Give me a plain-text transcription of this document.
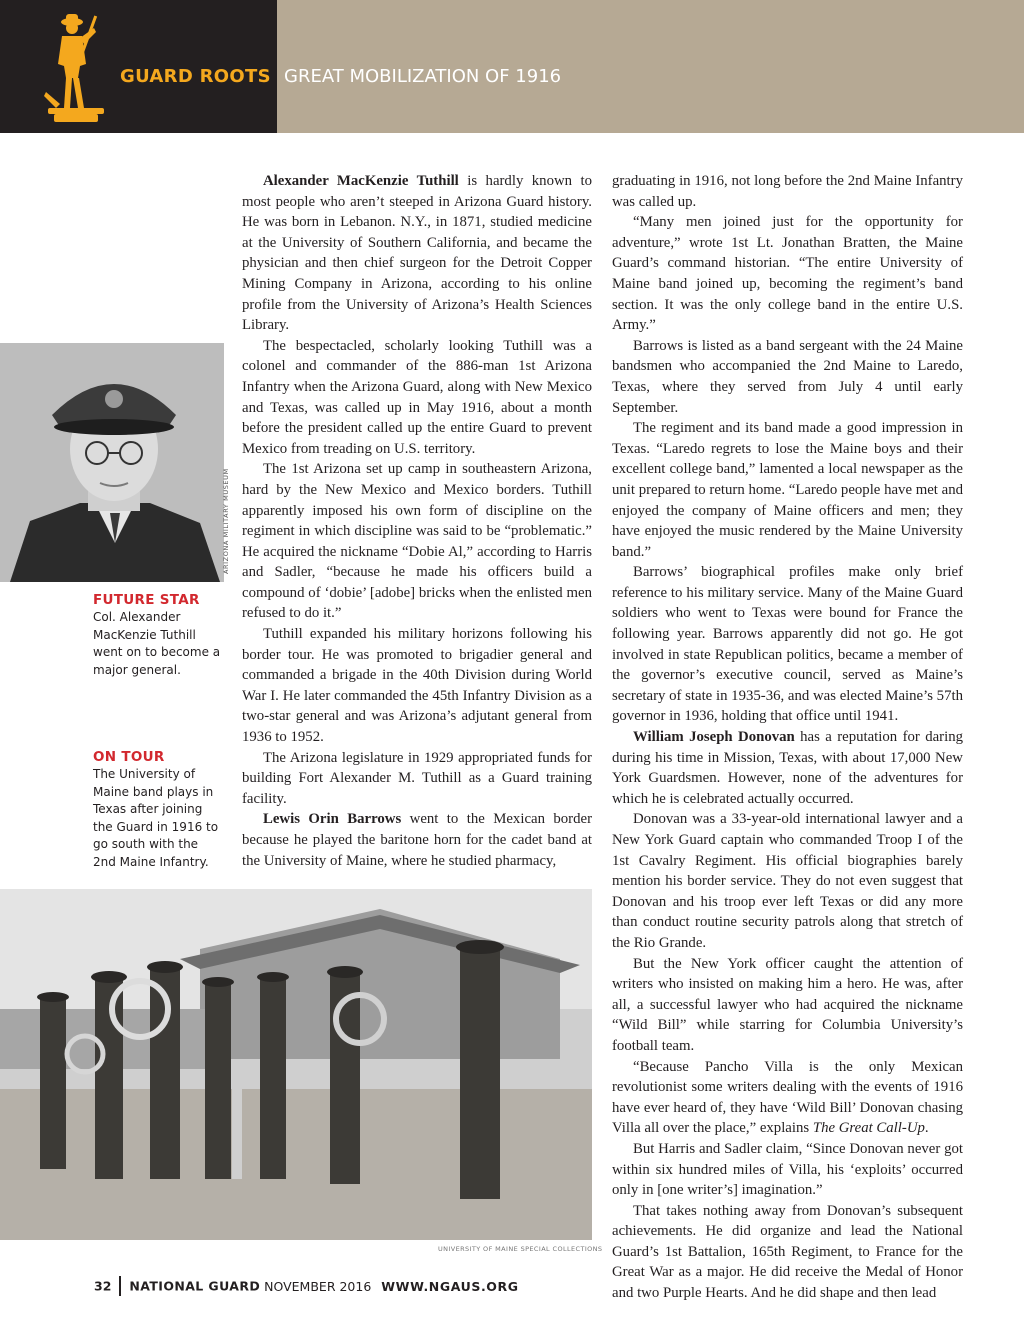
GUARD ROOTS GREAT MOBILIZATION OF 1916
ARIZONA MILITARY MUSEUM
FUTURE STAR
Col. Alexander MacKenzie Tuthill went on to become a major general.
ON TOUR
The University of Maine band plays in Texas after joining the Guard in 1916 to go south with the 2nd Maine Infantry.

Alexander MacKenzie Tuthill is hardly known to most people who aren’t steeped in Arizona Guard history. He was born in Lebanon. N.Y., in 1871, studied medicine at the University of Southern California, and became the physician and then chief surgeon for the Detroit Copper Mining Company in Arizona, according to his online profile from the University of Arizona’s Health Sciences Library.

The bespectacled, scholarly looking Tuthill was a colonel and commander of the 886-man 1st Arizona Infantry when the Arizona Guard, along with New Mexico and Texas, was called up in May 1916, about a month before the president called up the entire Guard to prevent Mexico from treading on U.S. territory.

The 1st Arizona set up camp in southeastern Arizona, hard by the New Mexico and Mexico borders. Tuthill apparently imposed his own form of discipline on the regiment in which discipline was said to be “problematic.” He acquired the nickname “Dobie Al,” according to Harris and Sadler, “because he made his officers build a compound of ‘dobie’ [adobe] bricks when the enlisted men refused to do it.”

Tuthill expanded his military horizons following his border tour. He was promoted to brigadier general and commanded a brigade in the 40th Division during World War I. He later commanded the 45th Infantry Division as a two-star general and was Arizona’s adjutant general from 1936 to 1952.

The Arizona legislature in 1929 appropriated funds for building Fort Alexander M. Tuthill as a Guard training facility.

Lewis Orin Barrows went to the Mexican border because he played the baritone horn for the cadet band at the University of Maine, where he studied pharmacy,

UNIVERSITY OF MAINE SPECIAL COLLECTIONS

graduating in 1916, not long before the 2nd Maine Infantry was called up.

“Many men joined just for the opportunity for adventure,” wrote 1st Lt. Jonathan Bratten, the Maine Guard’s command historian. “The entire University of Maine band joined up, becoming the regiment’s band section. It was the only college band in the entire U.S. Army.”

Barrows is listed as a band sergeant with the 24 Maine bandsmen who accompanied the 2nd Maine to Laredo, Texas, where they served from July 4 until early September.

The regiment and its band made a good impression in Texas. “Laredo regrets to lose the Maine boys and their excellent college band,” lamented a local newspaper as the unit prepared to return home. “Laredo people have met and enjoyed the company of Maine officers and men; they have enjoyed the music rendered by the Maine University band.”

Barrows’ biographical profiles make only brief reference to his military service. Many of the Maine Guard soldiers who went to Texas were bound for France the following year. Barrows apparently did not go. He got involved in state Republican politics, became a member of the governor’s executive council, served as Maine’s secretary of state in 1935-36, and was elected Maine’s 57th governor in 1936, holding that office until 1941.

William Joseph Donovan has a reputation for daring during his time in Mission, Texas, with about 17,000 New York Guardsmen. However, none of the adventures for which he is celebrated actually occurred.

Donovan was a 33-year-old international lawyer and a New York Guard captain who commanded Troop I of the 1st Cavalry Regiment. His official biographies barely mention his border service. They do not even suggest that Donovan and his troop ever left Texas or did any more than conduct routine security patrols along that stretch of the Rio Grande.

But the New York officer caught the attention of writers who insisted on making him a hero. He was, after all, a successful lawyer who had acquired the nickname “Wild Bill” while starring for Columbia University’s football team.

“Because Pancho Villa is the only Mexican revolutionist some writers dealing with the events of 1916 have ever heard of, they have ‘Wild Bill’ Donovan chasing Villa all over the place,” explains The Great Call-Up.

But Harris and Sadler claim, “Since Donovan never got within six hundred miles of Villa, his ‘exploits’ occurred only in [one writer’s] imagination.”

That takes nothing away from Donovan’s subsequent achievements. He did organize and lead the National Guard’s 1st Battalion, 165th Regiment, to France for the Great War as a major. He did receive the Medal of Honor and two Purple Hearts. And he did shape and then lead

32 NATIONAL GUARD NOVEMBER 2016 WWW.NGAUS.ORG
